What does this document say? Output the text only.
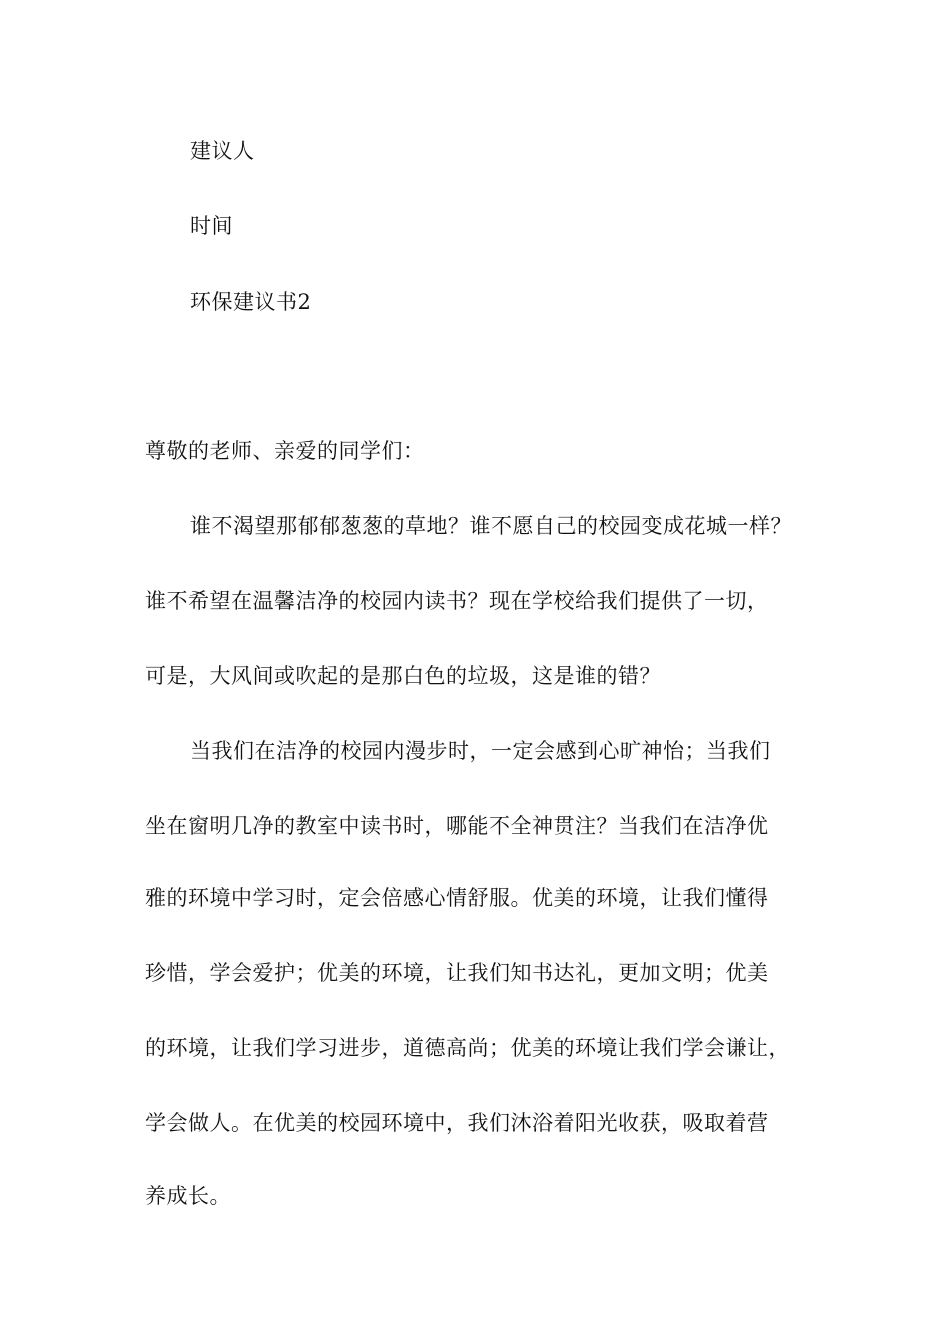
建议人
时间
环保建议书2
尊敬的老师、亲爱的同学们：
谁不渴望那郁郁葱葱的草地？谁不愿自己的校园变成花城一样？
谁不希望在温馨洁净的校园内读书？现在学校给我们提供了一切，
可是，大风间或吹起的是那白色的垃圾，这是谁的错？
当我们在洁净的校园内漫步时，一定会感到心旷神怡；当我们
坐在窗明几净的教室中读书时，哪能不全神贯注？当我们在洁净优
雅的环境中学习时，定会倍感心情舒服。优美的环境，让我们懂得
珍惜，学会爱护；优美的环境，让我们知书达礼，更加文明；优美
的环境，让我们学习进步，道德高尚；优美的环境让我们学会谦让，
学会做人。在优美的校园环境中，我们沐浴着阳光收获，吸取着营
养成长。
